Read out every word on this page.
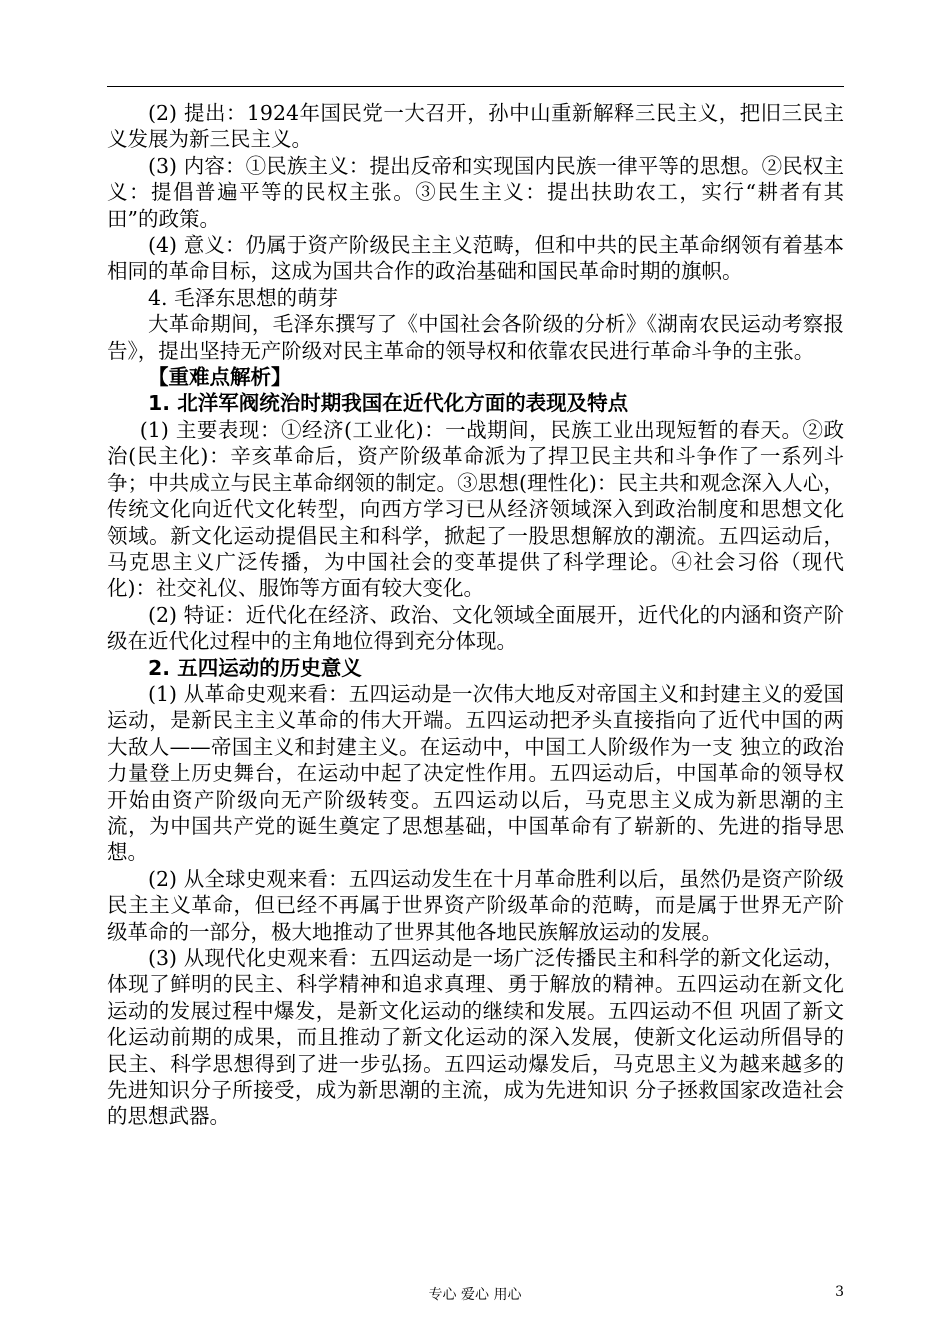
(2) 提出：1924年国民党一大召开，孙中山重新解释三民主义，把旧三民主义发展为新三民主义。

(3) 内容：①民族主义：提出反帝和实现国内民族一律平等的思想。②民权主义：提倡普遍平等的民权主张。③民生主义：提出扶助农工，实行“耕者有其田”的政策。

(4) 意义：仍属于资产阶级民主主义范畴，但和中共的民主革命纲领有着基本相同的革命目标，这成为国共合作的政治基础和国民革命时期的旗帜。

4. 毛泽东思想的萌芽

大革命期间，毛泽东撰写了《中国社会各阶级的分析》《湖南农民运动考察报告》，提出坚持无产阶级对民主革命的领导权和依靠农民进行革命斗争的主张。

【重难点解析】

1. 北洋军阀统治时期我国在近代化方面的表现及特点

(1) 主要表现：①经济(工业化)：一战期间，民族工业出现短暂的春天。②政治(民主化)：辛亥革命后，资产阶级革命派为了捍卫民主共和斗争作了一系列斗争；中共成立与民主革命纲领的制定。③思想(理性化)：民主共和观念深入人心，传统文化向近代文化转型，向西方学习已从经济领域深入到政治制度和思想文化领域。新文化运动提倡民主和科学，掀起了一股思想解放的潮流。五四运动后，马克思主义广泛传播，为中国社会的变革提供了科学理论。④社会习俗（现代化)：社交礼仪、服饰等方面有较大变化。

(2) 特证：近代化在经济、政治、文化领域全面展开，近代化的内涵和资产阶级在近代化过程中的主角地位得到充分体现。

2. 五四运动的历史意义

(1) 从革命史观来看：五四运动是一次伟大地反对帝国主义和封建主义的爱国运动，是新民主主义革命的伟大开端。五四运动把矛头直接指向了近代中国的两大敌人——帝国主义和封建主义。在运动中，中国工人阶级作为一支 独立的政治力量登上历史舞台，在运动中起了决定性作用。五四运动后，中国革命的领导权开始由资产阶级向无产阶级转变。五四运动以后，马克思主义成为新思潮的主流，为中国共产党的诞生奠定了思想基础，中国革命有了崭新的、先进的指导思想。

(2) 从全球史观来看：五四运动发生在十月革命胜利以后，虽然仍是资产阶级民主主义革命，但已经不再属于世界资产阶级革命的范畴，而是属于世界无产阶级革命的一部分，极大地推动了世界其他各地民族解放运动的发展。

(3) 从现代化史观来看：五四运动是一场广泛传播民主和科学的新文化运动，体现了鲜明的民主、科学精神和追求真理、勇于解放的精神。五四运动在新文化运动的发展过程中爆发，是新文化运动的继续和发展。五四运动不但 巩固了新文化运动前期的成果，而且推动了新文化运动的深入发展，使新文化运动所倡导的民主、科学思想得到了进一步弘扬。五四运动爆发后，马克思主义为越来越多的先进知识分子所接受，成为新思潮的主流，成为先进知识 分子拯救国家改造社会的思想武器。

专心 爱心 用心	3
